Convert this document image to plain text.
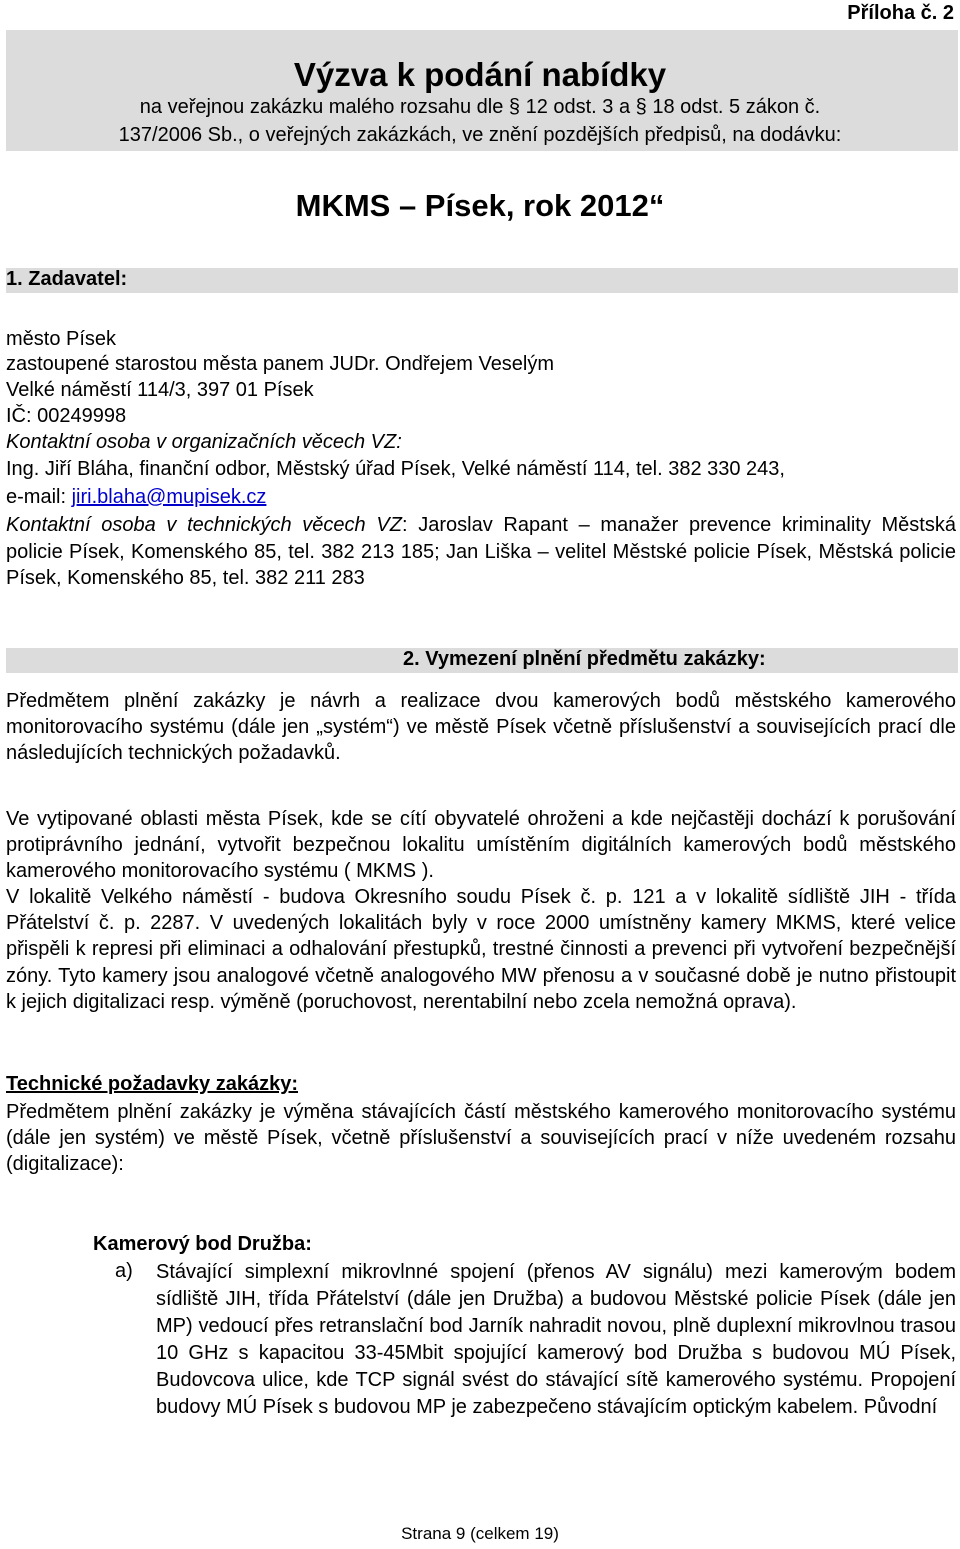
Příloha č. 2
Výzva k podání nabídky
na veřejnou zakázku malého rozsahu dle § 12 odst. 3 a § 18 odst. 5 zákon č.
137/2006 Sb., o veřejných zakázkách, ve znění pozdějších předpisů, na dodávku:
MKMS – Písek, rok 2012“
1. Zadavatel:
město Písek
zastoupené starostou města panem JUDr. Ondřejem Veselým
Velké náměstí 114/3, 397 01 Písek
IČ: 00249998
Kontaktní osoba v organizačních věcech VZ:
Ing. Jiří Bláha, finanční odbor, Městský úřad Písek, Velké náměstí 114, tel. 382 330 243,
e-mail: jiri.blaha@mupisek.cz
Kontaktní osoba v technických věcech VZ: Jaroslav Rapant – manažer prevence kriminality Městská policie Písek, Komenského 85, tel. 382 213 185; Jan Liška – velitel Městské policie Písek, Městská policie Písek, Komenského 85, tel. 382 211 283
2. Vymezení plnění předmětu zakázky:
Předmětem plnění zakázky je návrh a realizace dvou kamerových bodů městského kamerového monitorovacího systému (dále jen „systém“) ve městě Písek včetně příslušenství a souvisejících prací dle následujících technických požadavků.
Ve vytipované oblasti města Písek, kde se cítí obyvatelé ohroženi a kde nejčastěji dochází k porušování protiprávního jednání, vytvořit bezpečnou lokalitu umístěním digitálních kamerových bodů městského kamerového monitorovacího systému ( MKMS ).
V lokalitě Velkého náměstí - budova Okresního soudu Písek č. p. 121 a v lokalitě sídliště JIH - třída Přátelství č. p. 2287. V uvedených lokalitách byly v roce 2000 umístněny kamery MKMS, které velice přispěli k represi při eliminaci a odhalování přestupků, trestné činnosti a prevenci při vytvoření bezpečnější zóny. Tyto kamery jsou analogové včetně analogového MW přenosu a v současné době je nutno přistoupit k jejich digitalizaci resp. výměně (poruchovost, nerentabilní nebo zcela nemožná oprava).
Technické požadavky zakázky:
Předmětem plnění zakázky je výměna stávajících částí městského kamerového monitorovacího systému (dále jen systém) ve městě Písek, včetně příslušenství a souvisejících prací v níže uvedeném rozsahu (digitalizace):
Kamerový bod Družba:
a) Stávající simplexní mikrovlnné spojení (přenos AV signálu) mezi kamerovým bodem sídliště JIH, třída Přátelství (dále jen Družba) a budovou Městské policie Písek (dále jen MP) vedoucí přes retranslační bod Jarník nahradit novou, plně duplexní mikrovlnou trasou 10 GHz s kapacitou 33-45Mbit spojující kamerový bod Družba s budovou MÚ Písek, Budovcova ulice, kde TCP signál svést do stávající sítě kamerového systému. Propojení budovy MÚ Písek s budovou MP je zabezpečeno stávajícím optickým kabelem. Původní
Strana 9 (celkem 19)
